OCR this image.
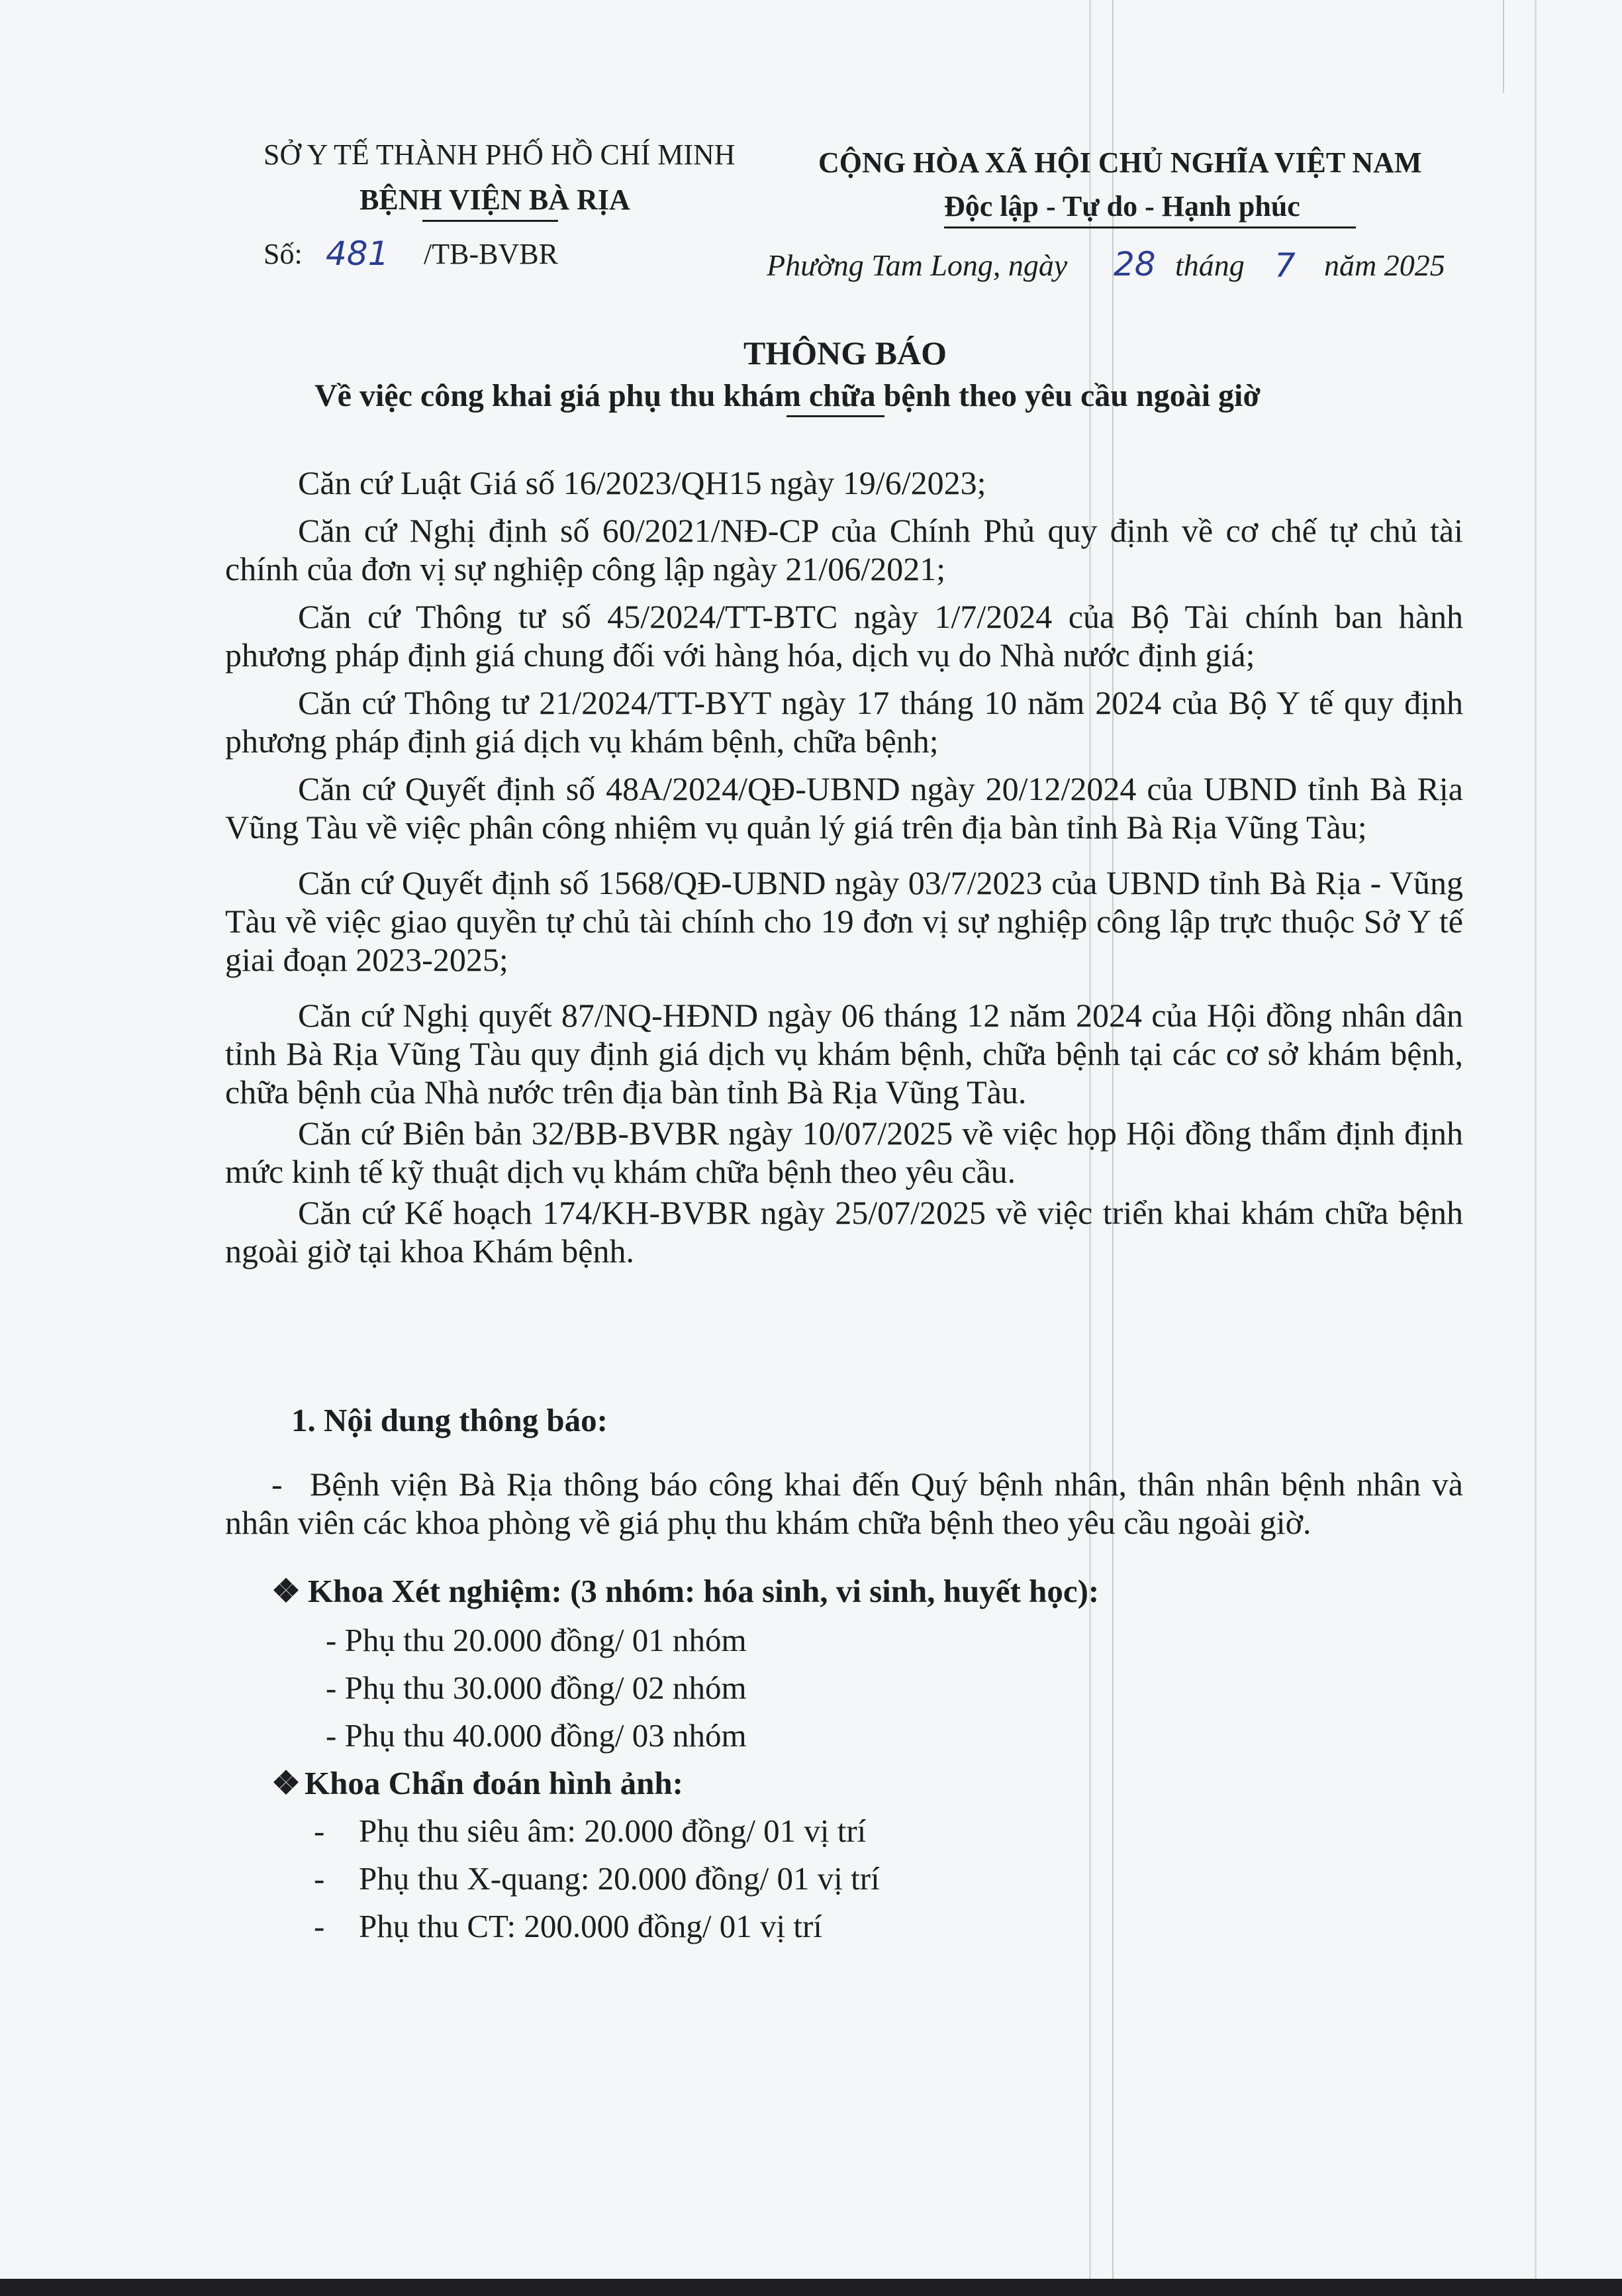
SỞ Y TẾ THÀNH PHỐ HỒ CHÍ MINH
BỆNH VIỆN BÀ RỊA
CỘNG HÒA XÃ HỘI CHỦ NGHĨA VIỆT NAM
Độc lập - Tự do - Hạnh phúc
Số: 481 /TB-BVBR	Phường Tam Long, ngày 28 tháng 7 năm 2025
THÔNG BÁO
Về việc công khai giá phụ thu khám chữa bệnh theo yêu cầu ngoài giờ

Căn cứ Luật Giá số 16/2023/QH15 ngày 19/6/2023;

Căn cứ Nghị định số 60/2021/NĐ-CP của Chính Phủ quy định về cơ chế tự chủ tài chính của đơn vị sự nghiệp công lập ngày 21/06/2021;

Căn cứ Thông tư số 45/2024/TT-BTC ngày 1/7/2024 của Bộ Tài chính ban hành phương pháp định giá chung đối với hàng hóa, dịch vụ do Nhà nước định giá;

Căn cứ Thông tư 21/2024/TT-BYT ngày 17 tháng 10 năm 2024 của Bộ Y tế quy định phương pháp định giá dịch vụ khám bệnh, chữa bệnh;

Căn cứ Quyết định số 48A/2024/QĐ-UBND ngày 20/12/2024 của UBND tỉnh Bà Rịa Vũng Tàu về việc phân công nhiệm vụ quản lý giá trên địa bàn tỉnh Bà Rịa Vũng Tàu;

Căn cứ Quyết định số 1568/QĐ-UBND ngày 03/7/2023 của UBND tỉnh Bà Rịa - Vũng Tàu về việc giao quyền tự chủ tài chính cho 19 đơn vị sự nghiệp công lập trực thuộc Sở Y tế giai đoạn 2023-2025;

Căn cứ Nghị quyết 87/NQ-HĐND ngày 06 tháng 12 năm 2024 của Hội đồng nhân dân tỉnh Bà Rịa Vũng Tàu quy định giá dịch vụ khám bệnh, chữa bệnh tại các cơ sở khám bệnh, chữa bệnh của Nhà nước trên địa bàn tỉnh Bà Rịa Vũng Tàu.

Căn cứ Biên bản 32/BB-BVBR ngày 10/07/2025 về việc họp Hội đồng thẩm định định mức kinh tế kỹ thuật dịch vụ khám chữa bệnh theo yêu cầu.

Căn cứ Kế hoạch 174/KH-BVBR ngày 25/07/2025 về việc triển khai khám chữa bệnh ngoài giờ tại khoa Khám bệnh.

1. Nội dung thông báo:
- Bệnh viện Bà Rịa thông báo công khai đến Quý bệnh nhân, thân nhân bệnh nhân và nhân viên các khoa phòng về giá phụ thu khám chữa bệnh theo yêu cầu ngoài giờ.

❖ Khoa Xét nghiệm: (3 nhóm: hóa sinh, vi sinh, huyết học):
- Phụ thu 20.000 đồng/ 01 nhóm
- Phụ thu 30.000 đồng/ 02 nhóm
- Phụ thu 40.000 đồng/ 03 nhóm
❖ Khoa Chẩn đoán hình ảnh:
- Phụ thu siêu âm: 20.000 đồng/ 01 vị trí
- Phụ thu X-quang: 20.000 đồng/ 01 vị trí
- Phụ thu CT: 200.000 đồng/ 01 vị trí
